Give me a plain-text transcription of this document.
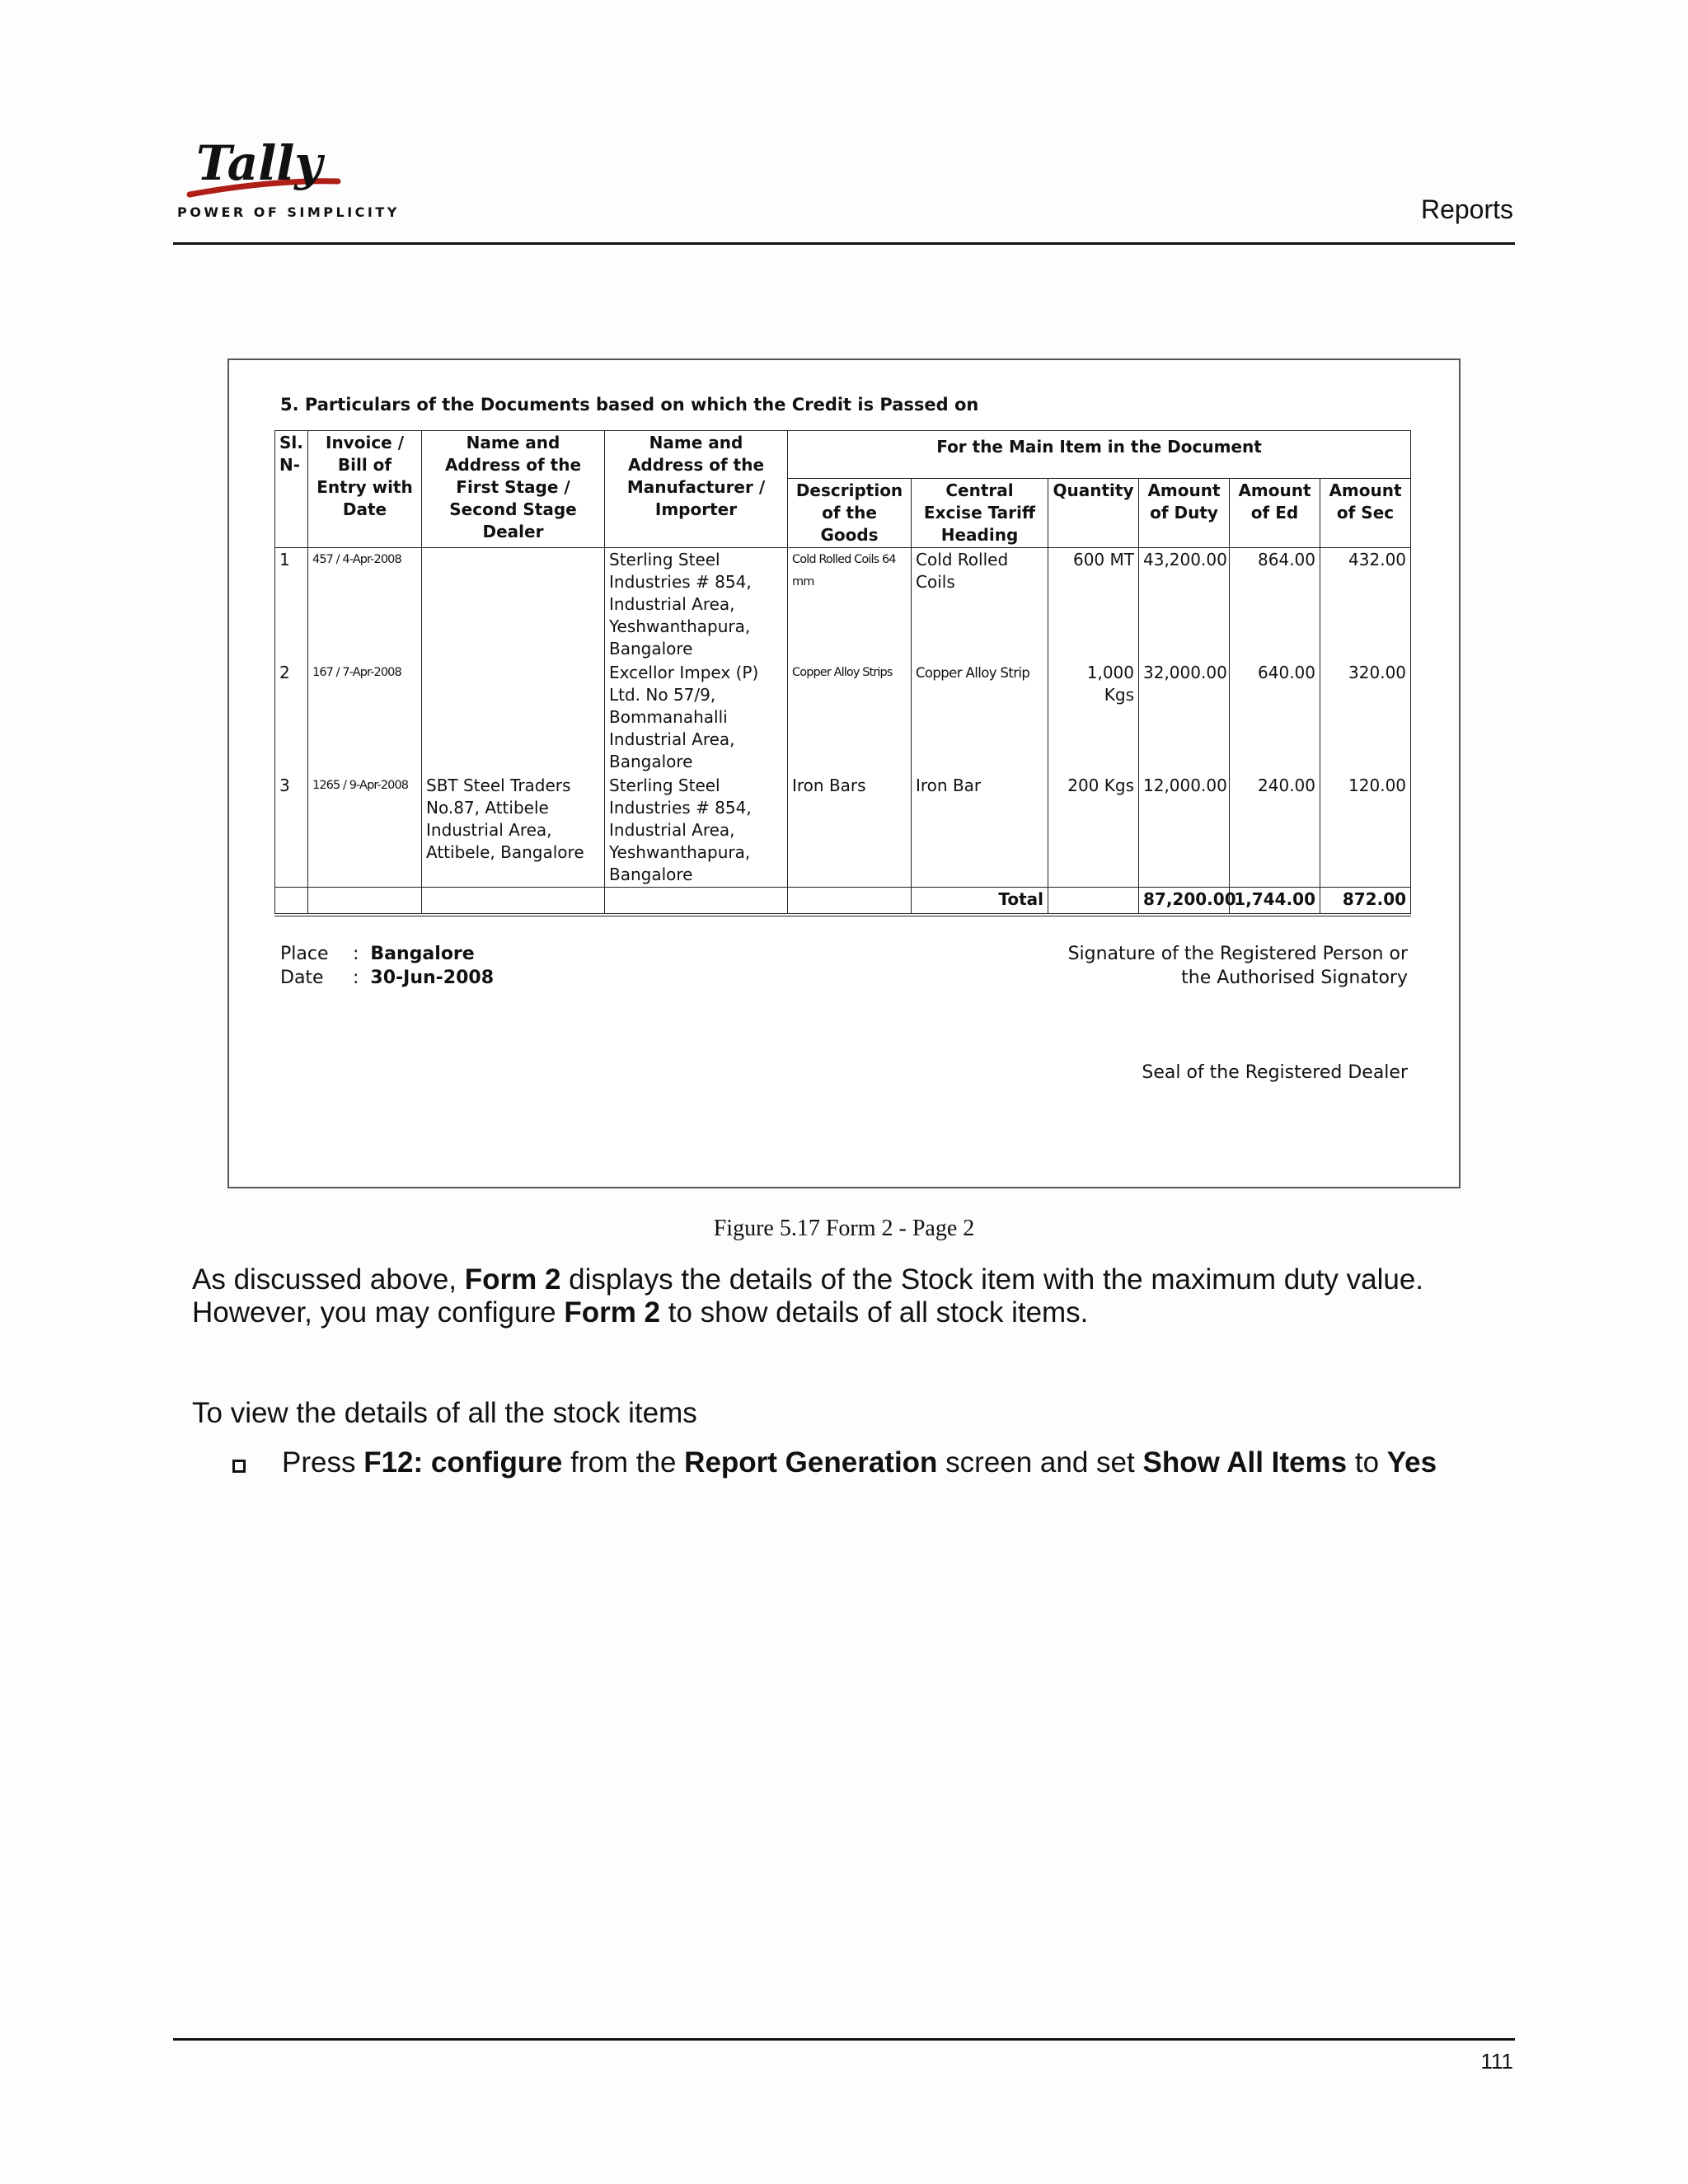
Tally
POWER OF SIMPLICITY	Reports
5. Particulars of the Documents based on which the Credit is Passed on
Sl. N-	Invoice / Bill of Entry with Date	Name and Address of the First Stage / Second Stage Dealer	Name and Address of the Manufacturer / Importer	For the Main Item in the Document					
				Description of the Goods	Central Excise Tariff Heading	Quantity	Amount of Duty	Amount of Ed	Amount of Sec
1	457 / 4-Apr-2008		Sterling Steel Industries # 854, Industrial Area, Yeshwanthapura, Bangalore	Cold Rolled Coils 64 mm	Cold Rolled Coils	600 MT	43,200.00	864.00	432.00
2	167 / 7-Apr-2008		Excellor Impex (P) Ltd. No 57/9, Bommanahalli Industrial Area, Bangalore	Copper Alloy Strips	Copper Alloy Strip	1,000 Kgs	32,000.00	640.00	320.00
3	1265 / 9-Apr-2008	SBT Steel Traders No.87, Attibele Industrial Area, Attibele, Bangalore	Sterling Steel Industries # 854, Industrial Area, Yeshwanthapura, Bangalore	Iron Bars	Iron Bar	200 Kgs	12,000.00	240.00	120.00
					Total		87,200.00	1,744.00	872.00
Place :  Bangalore
Date :  30-Jun-2008
Signature of the Registered Person or
the Authorised Signatory
Seal of the Registered Dealer
Figure 5.17 Form 2 - Page 2
As discussed above, Form 2 displays the details of the Stock item with the maximum duty value. However, you may configure Form 2 to show details of all stock items.
To view the details of all the stock items
Press F12: configure from the Report Generation screen and set Show All Items to Yes
111
